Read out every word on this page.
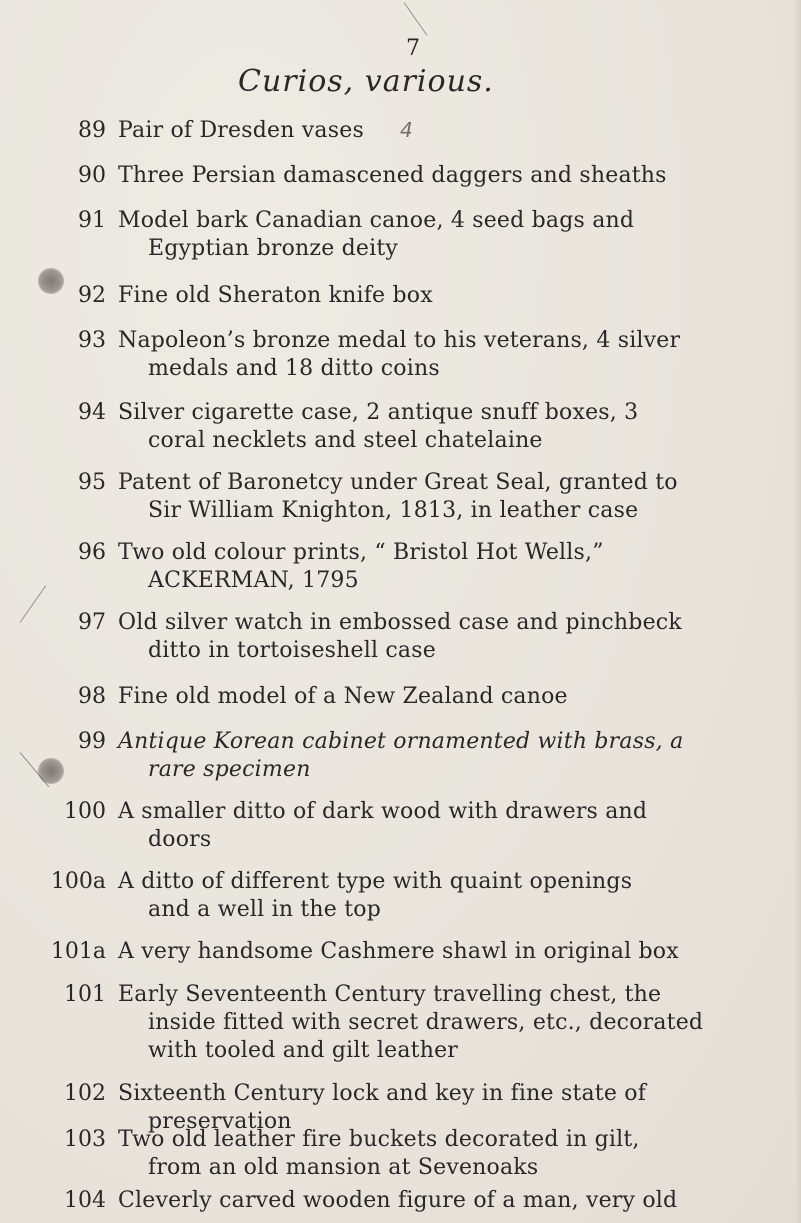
7
Curios, various.
89 Pair of Dresden vases 4
90 Three Persian damascened daggers and sheaths
91 Model bark Canadian canoe, 4 seed bags and
Egyptian bronze deity
92 Fine old Sheraton knife box
93 Napoleon’s bronze medal to his veterans, 4 silver
medals and 18 ditto coins
94 Silver cigarette case, 2 antique snuff boxes, 3
coral necklets and steel chatelaine
95 Patent of Baronetcy under Great Seal, granted to
Sir William Knighton, 1813, in leather case
96 Two old colour prints, “ Bristol Hot Wells,”
ACKERMAN, 1795
97 Old silver watch in embossed case and pinchbeck
ditto in tortoiseshell case
98 Fine old model of a New Zealand canoe
99 Antique Korean cabinet ornamented with brass, a
rare specimen
100 A smaller ditto of dark wood with drawers and
doors
100a A ditto of different type with quaint openings
and a well in the top
101a A very handsome Cashmere shawl in original box
101 Early Seventeenth Century travelling chest, the
inside fitted with secret drawers, etc., decorated
with tooled and gilt leather
102 Sixteenth Century lock and key in fine state of
preservation
103 Two old leather fire buckets decorated in gilt,
from an old mansion at Sevenoaks
104 Cleverly carved wooden figure of a man, very old
